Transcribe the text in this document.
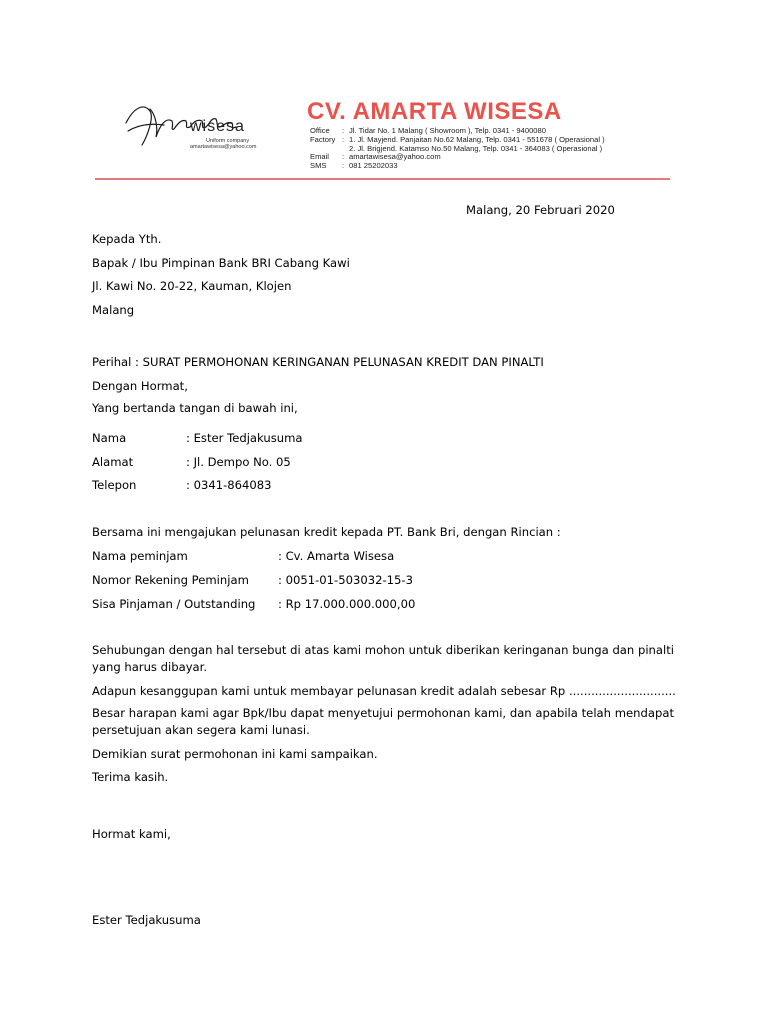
wisesa
Uniform company
amartawisesa@yahoo.com
CV. AMARTA WISESA
Office	: Jl. Tidar No. 1 Malang ( Showroom ), Telp. 0341 - 9400080
Factory : 1. Jl. Mayjend. Panjaitan No.62 Malang, Telp. 0341 - 551678 ( Operasional )
2. Jl. Brigjend. Katamso No.50 Malang, Telp. 0341 - 364083 ( Operasional )
Email	: amartawisesa@yahoo.com
SMS	: 081 25202033
Malang, 20 Februari 2020
Kepada Yth.
Bapak / Ibu Pimpinan Bank BRI Cabang Kawi
Jl. Kawi No. 20-22, Kauman, Klojen
Malang
Perihal : SURAT PERMOHONAN KERINGANAN PELUNASAN KREDIT DAN PINALTI
Dengan Hormat,
Yang bertanda tangan di bawah ini,
Nama	: Ester Tedjakusuma
Alamat	: Jl. Dempo No. 05
Telepon	: 0341-864083
Bersama ini mengajukan pelunasan kredit kepada PT. Bank Bri, dengan Rincian :
Nama peminjam	: Cv. Amarta Wisesa
Nomor Rekening Peminjam	: 0051-01-503032-15-3
Sisa Pinjaman / Outstanding : Rp 17.000.000.000,00
Sehubungan dengan hal tersebut di atas kami mohon untuk diberikan keringanan bunga dan pinalti yang harus dibayar.
Adapun kesanggupan kami untuk membayar pelunasan kredit adalah sebesar Rp .............................
Besar harapan kami agar Bpk/Ibu dapat menyetujui permohonan kami, dan apabila telah mendapat persetujuan akan segera kami lunasi.
Demikian surat permohonan ini kami sampaikan.
Terima kasih.
Hormat kami,
Ester Tedjakusuma
